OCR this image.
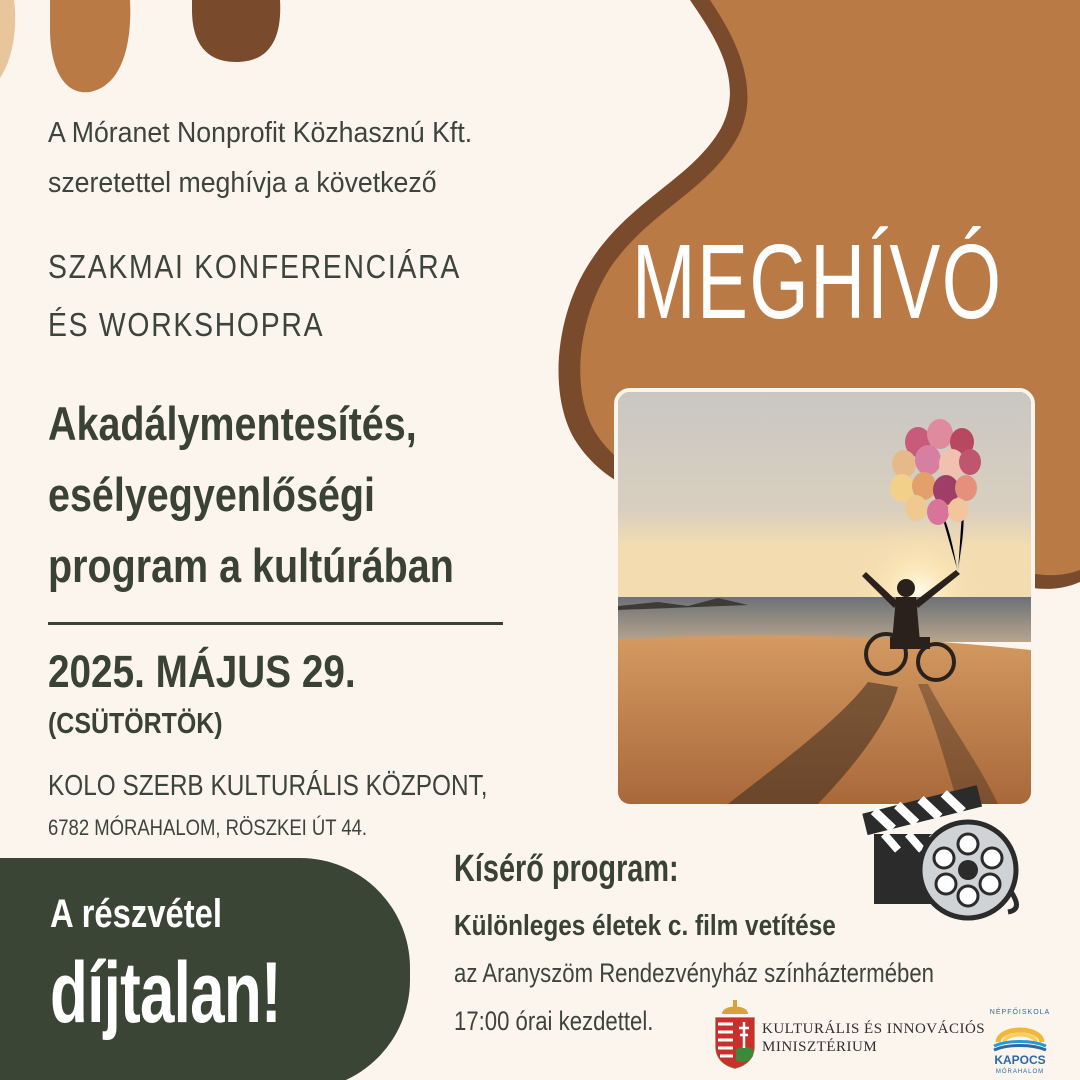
A Móranet Nonprofit Közhasznú Kft.
szeretettel meghívja a következő
SZAKMAI KONFERENCIÁRA
ÉS WORKSHOPRA
Akadálymentesítés,
esélyegyenlőségi
program a kultúrában
2025. MÁJUS 29.
(CSÜTÖRTÖK)
KOLO SZERB KULTURÁLIS KÖZPONT,
6782 MÓRAHALOM, RÖSZKEI ÚT 44.
MEGHÍVÓ
A részvétel
díjtalan!
Kísérő program:
Különleges életek c. film vetítése
az Aranyszöm Rendezvényház színháztermében
17:00 órai kezdettel.	KULTURÁLIS ÉS INNOVÁCIÓS
MINISZTÉRIUM
NÉPFŐISKOLA
KAPOCS
MÓRAHALOM
